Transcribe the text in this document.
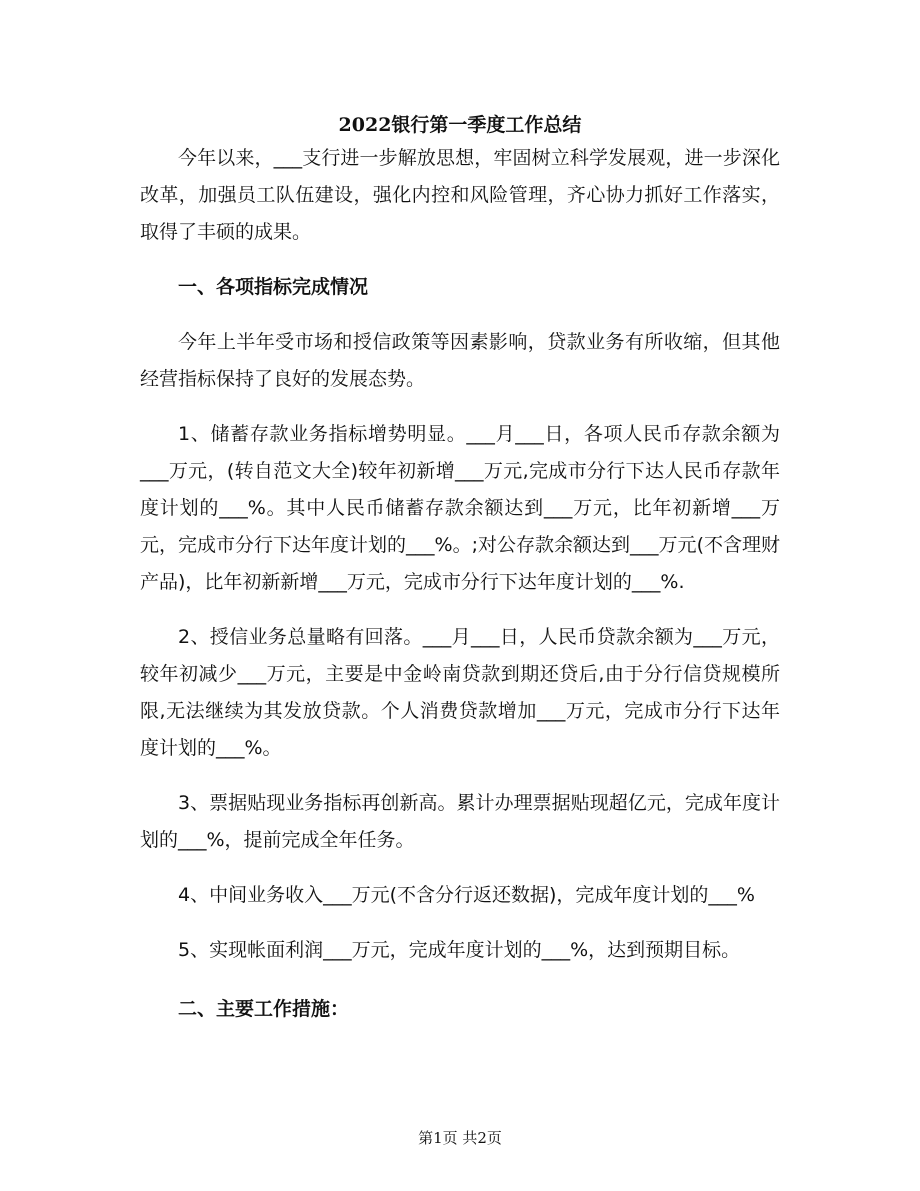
2022银行第一季度工作总结

今年以来，___支行进一步解放思想，牢固树立科学发展观，进一步深化改革，加强员工队伍建设，强化内控和风险管理，齐心协力抓好工作落实，取得了丰硕的成果。

一、各项指标完成情况

今年上半年受市场和授信政策等因素影响，贷款业务有所收缩，但其他经营指标保持了良好的发展态势。

1、储蓄存款业务指标增势明显。___月___日，各项人民币存款余额为___万元，(转自范文大全)较年初新增___万元,完成市分行下达人民币存款年度计划的___%。其中人民币储蓄存款余额达到___万元，比年初新增___万元，完成市分行下达年度计划的___%。;对公存款余额达到___万元(不含理财产品)，比年初新新增___万元，完成市分行下达年度计划的___%.

2、授信业务总量略有回落。___月___日，人民币贷款余额为___万元，较年初减少___万元，主要是中金岭南贷款到期还贷后,由于分行信贷规模所限,无法继续为其发放贷款。个人消费贷款增加___万元，完成市分行下达年度计划的___%。

3、票据贴现业务指标再创新高。累计办理票据贴现超亿元，完成年度计划的___%，提前完成全年任务。

4、中间业务收入___万元(不含分行返还数据)，完成年度计划的___%

5、实现帐面利润___万元，完成年度计划的___%，达到预期目标。

二、主要工作措施：

第1页 共2页
